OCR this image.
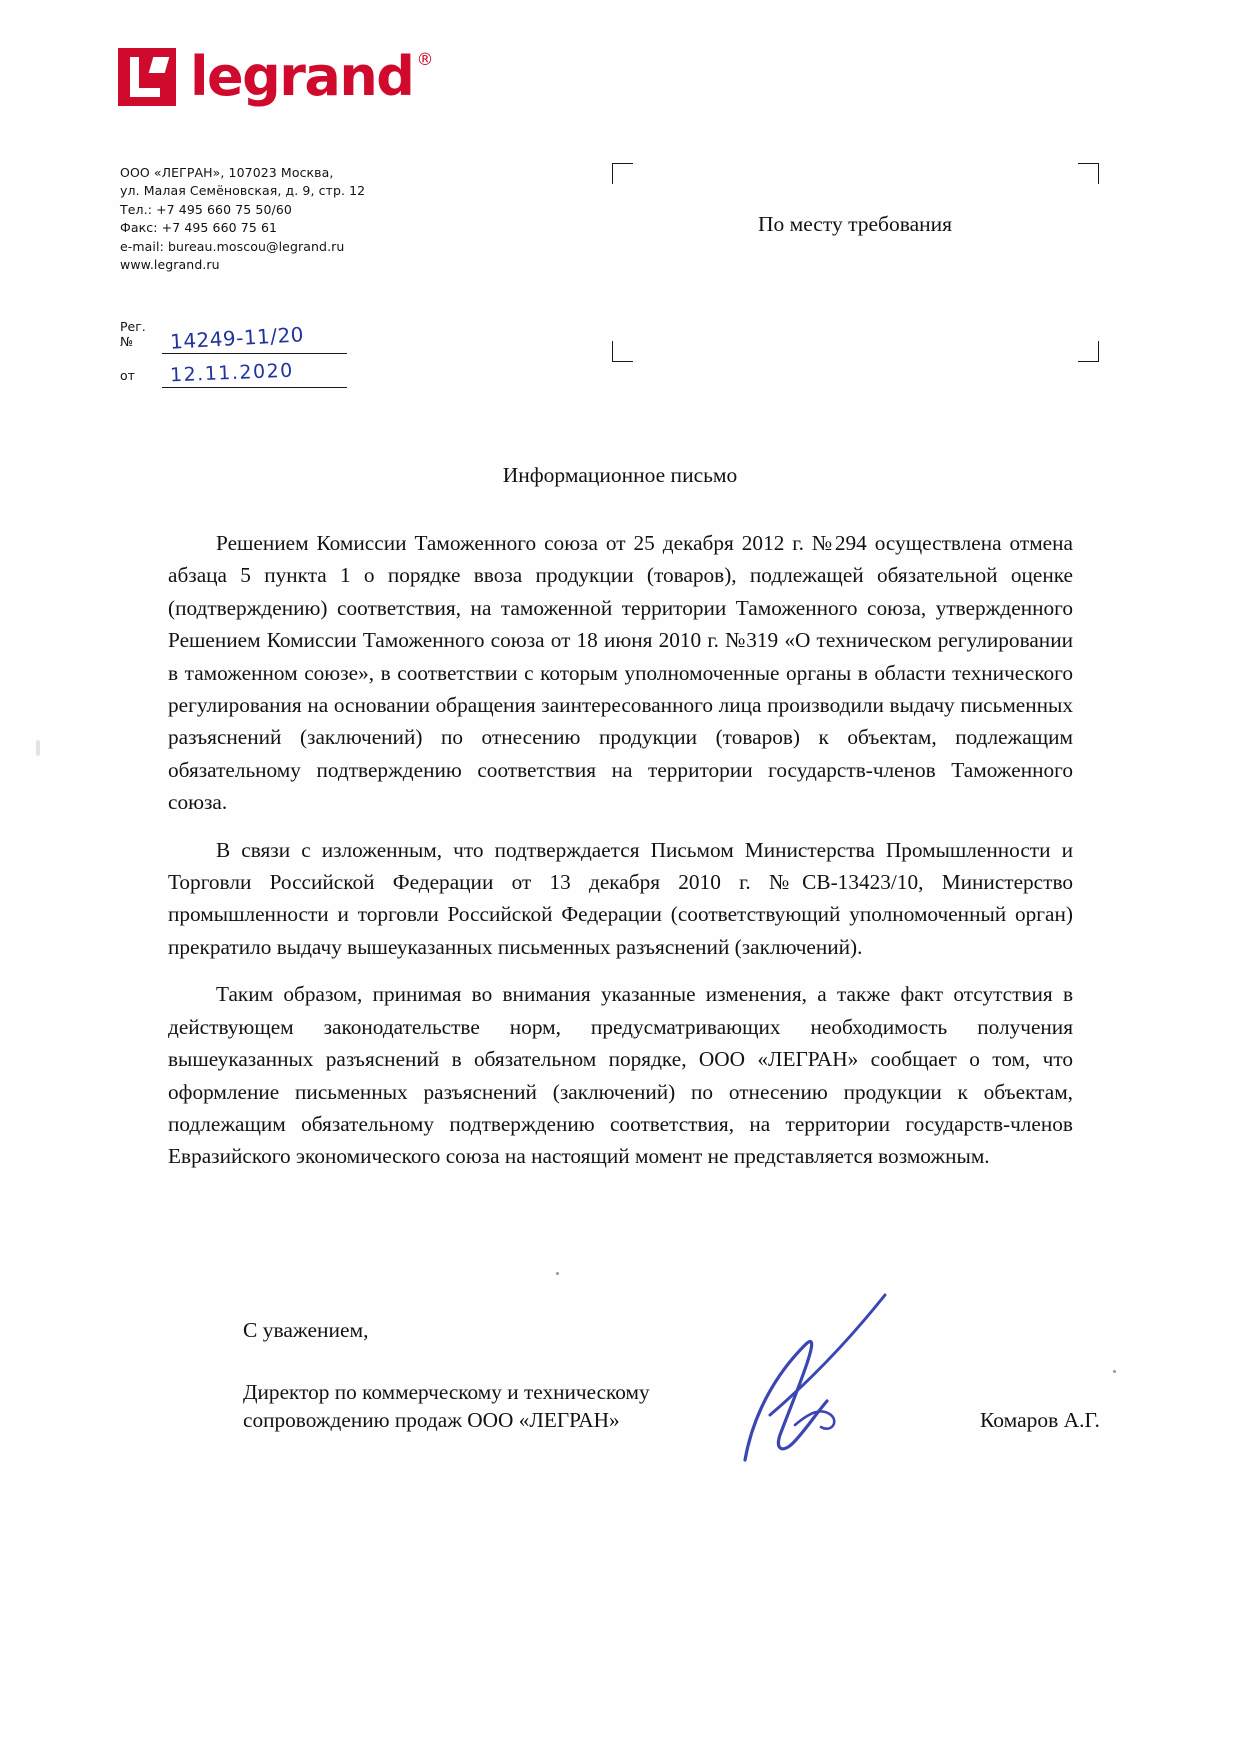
legrand ®
ООО «ЛЕГРАН», 107023 Москва,
ул. Малая Семёновская, д. 9, стр. 12
Тел.: +7 495 660 75 50/60
Факс: +7 495 660 75 61
e-mail: bureau.moscou@legrand.ru
www.legrand.ru
Рег. №	14249-11/20
от	12.11.2020
По месту требования
Информационное письмо

Решением Комиссии Таможенного союза от 25 декабря 2012 г. №294 осуществлена отмена абзаца 5 пункта 1 о порядке ввоза продукции (товаров), подлежащей обязательной оценке (подтверждению) соответствия, на таможенной территории Таможенного союза, утвержденного Решением Комиссии Таможенного союза от 18 июня 2010 г. №319 «О техническом регулировании в таможенном союзе», в соответствии с которым уполномоченные органы в области технического регулирования на основании обращения заинтересованного лица производили выдачу письменных разъяснений (заключений) по отнесению продукции (товаров) к объектам, подлежащим обязательному подтверждению соответствия на территории государств-членов Таможенного союза.

В связи с изложенным, что подтверждается Письмом Министерства Промышленности и Торговли Российской Федерации от 13 декабря 2010 г. №СВ-13423/10, Министерство промышленности и торговли Российской Федерации (соответствующий уполномоченный орган) прекратило выдачу вышеуказанных письменных разъяснений (заключений).

Таким образом, принимая во внимания указанные изменения, а также факт отсутствия в действующем законодательстве норм, предусматривающих необходимость получения вышеуказанных разъяснений в обязательном порядке, ООО «ЛЕГРАН» сообщает о том, что оформление письменных разъяснений (заключений) по отнесению продукции к объектам, подлежащим обязательному подтверждению соответствия, на территории государств-членов Евразийского экономического союза на настоящий момент не представляется возможным.

С уважением,
Директор по коммерческому и техническому
сопровождению продаж ООО «ЛЕГРАН»	Комаров А.Г.
